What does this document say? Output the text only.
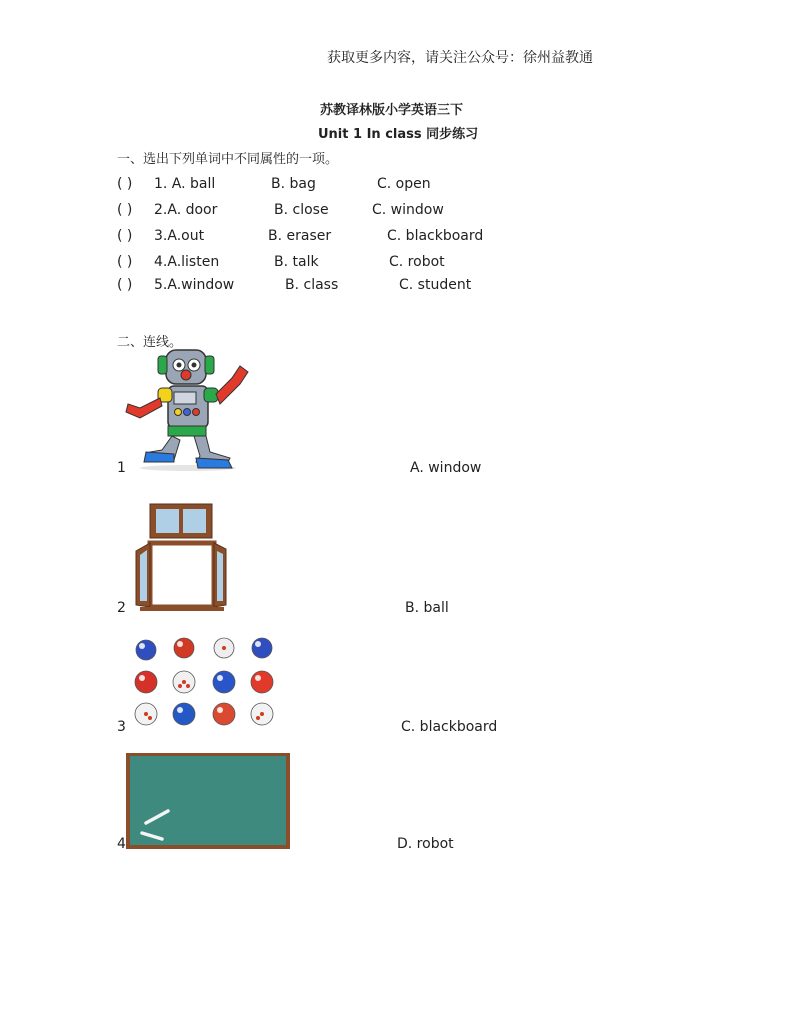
获取更多内容，请关注公众号：徐州益教通
苏教译林版小学英语三下
Unit 1 In class 同步练习
一、选出下列单词中不同属性的一项。
( ) 1. A. ball	B. bag	C. open
( ) 2.A. door	B. close	C. window
( ) 3.A.out	B. eraser	C. blackboard
( ) 4.A.listen	B. talk	C. robot
( ) 5.A.window	B. class	C. student
二、连线。
1	A. window
2	B. ball
3	C. blackboard
4	D. robot
